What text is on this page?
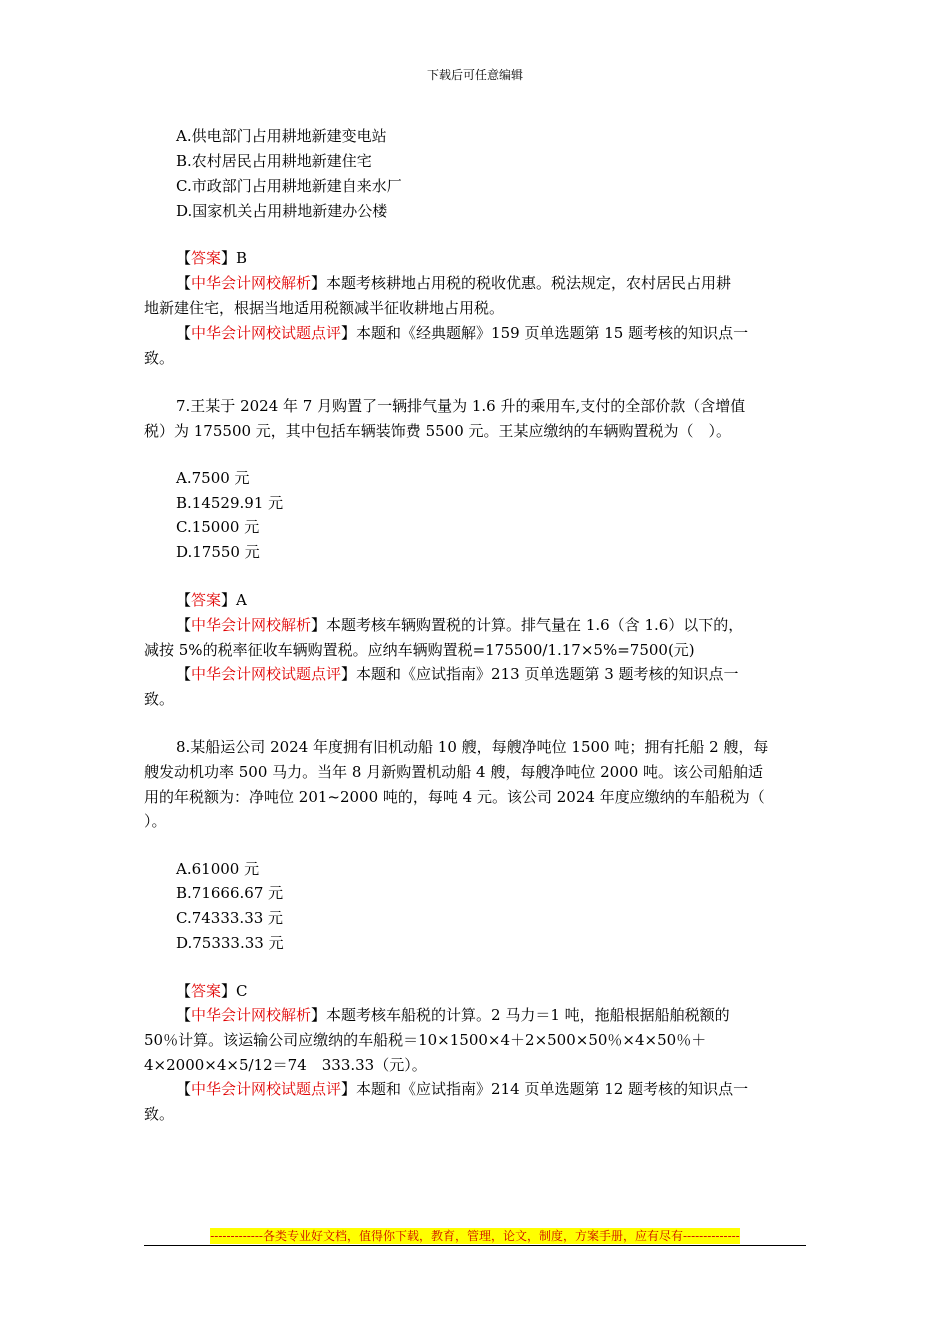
下载后可任意编辑
A.供电部门占用耕地新建变电站
B.农村居民占用耕地新建住宅
C.市政部门占用耕地新建自来水厂
D.国家机关占用耕地新建办公楼
【答案】B
【中华会计网校解析】本题考核耕地占用税的税收优惠。税法规定，农村居民占用耕
地新建住宅，根据当地适用税额减半征收耕地占用税。
【中华会计网校试题点评】本题和《经典题解》159 页单选题第 15 题考核的知识点一
致。
7.王某于 2024 年 7 月购置了一辆排气量为 1.6 升的乘用车,支付的全部价款（含增值
税）为 175500 元，其中包括车辆装饰费 5500 元。王某应缴纳的车辆购置税为（　）。
A.7500 元
B.14529.91 元
C.15000 元
D.17550 元
【答案】A
【中华会计网校解析】本题考核车辆购置税的计算。排气量在 1.6（含 1.6）以下的，
减按 5%的税率征收车辆购置税。应纳车辆购置税=175500/1.17×5%=7500(元)
【中华会计网校试题点评】本题和《应试指南》213 页单选题第 3 题考核的知识点一
致。
8.某船运公司 2024 年度拥有旧机动船 10 艘，每艘净吨位 1500 吨；拥有托船 2 艘，每
艘发动机功率 500 马力。当年 8 月新购置机动船 4 艘，每艘净吨位 2000 吨。该公司船舶适
用的年税额为：净吨位 201~2000 吨的，每吨 4 元。该公司 2024 年度应缴纳的车船税为（
）。
A.61000 元
B.71666.67 元
C.74333.33 元
D.75333.33 元
【答案】C
【中华会计网校解析】本题考核车船税的计算。2 马力＝1 吨，拖船根据船舶税额的
50％计算。该运输公司应缴纳的车船税＝10×1500×4＋2×500×50％×4×50％＋
4×2000×4×5/12＝74　333.33（元）。
【中华会计网校试题点评】本题和《应试指南》214 页单选题第 12 题考核的知识点一
致。
-------------各类专业好文档，值得你下载，教育，管理，论文，制度，方案手册，应有尽有--------------
